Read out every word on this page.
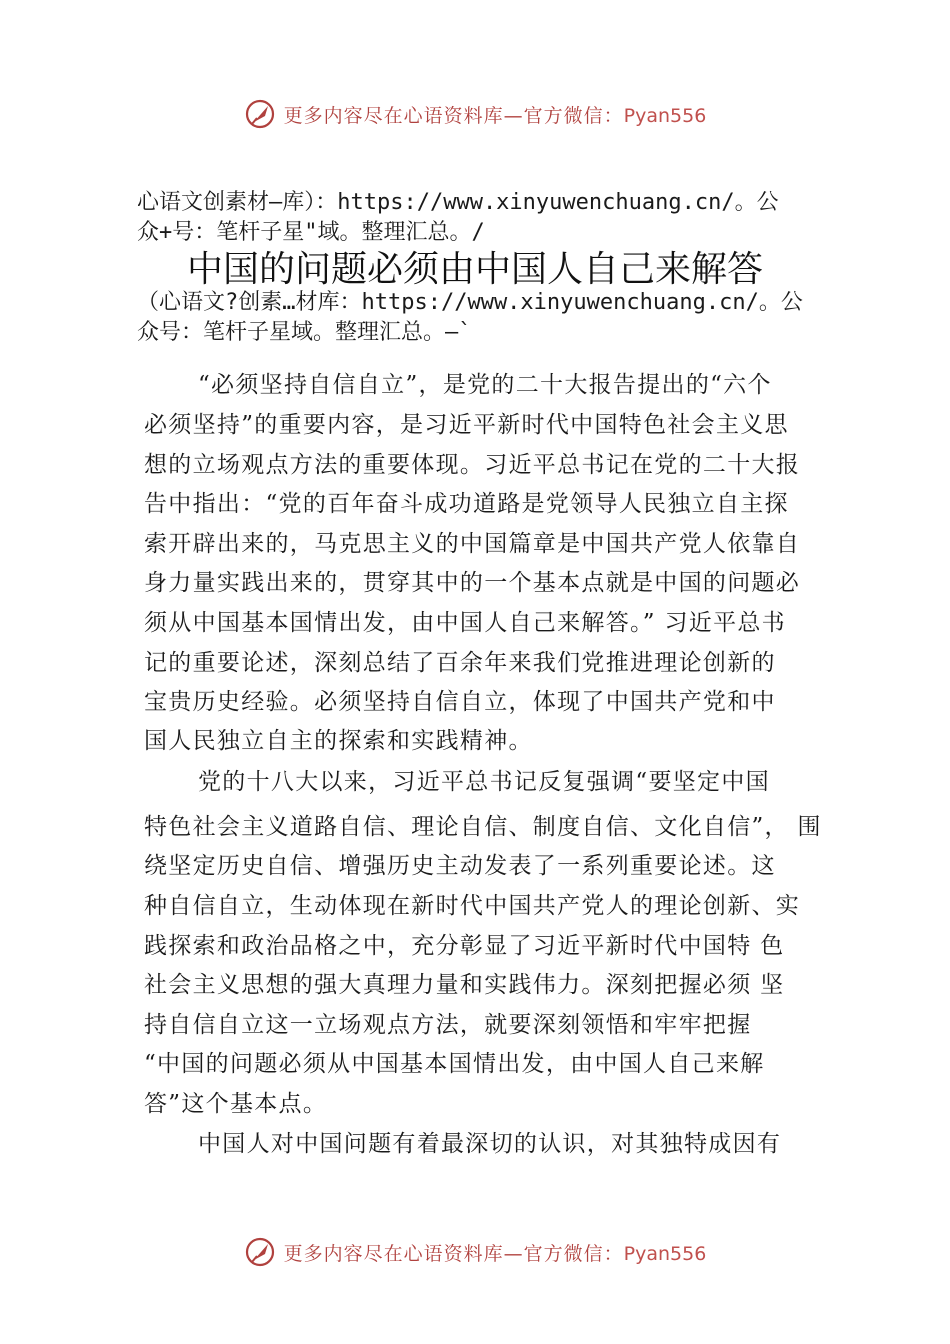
更多内容尽在心语资料库—官方微信：Pyan556
心语文创素材—库）：https://www.xinyuwenchuang.cn/。公
众+号：笔杆子星"域。整理汇总。/
中国的问题必须由中国人自己来解答
（心语文?创素…材库：https://www.xinyuwenchuang.cn/。公
众号：笔杆子星域。整理汇总。—`
“必须坚持自信自立”，是党的二十大报告提出的“六个
必须坚持”的重要内容，是习近平新时代中国特色社会主义思
想的立场观点方法的重要体现。习近平总书记在党的二十大报
告中指出：“党的百年奋斗成功道路是党领导人民独立自主探
索开辟出来的，马克思主义的中国篇章是中国共产党人依靠自
身力量实践出来的，贯穿其中的一个基本点就是中国的问题必
须从中国基本国情出发，由中国人自己来解答。” 习近平总书
记的重要论述，深刻总结了百余年来我们党推进理论创新的
宝贵历史经验。必须坚持自信自立，体现了中国共产党和中
国人民独立自主的探索和实践精神。
党的十八大以来，习近平总书记反复强调“要坚定中国
特色社会主义道路自信、理论自信、制度自信、文化自信”， 围
绕坚定历史自信、增强历史主动发表了一系列重要论述。这
种自信自立，生动体现在新时代中国共产党人的理论创新、实
践探索和政治品格之中，充分彰显了习近平新时代中国特 色
社会主义思想的强大真理力量和实践伟力。深刻把握必须 坚
持自信自立这一立场观点方法，就要深刻领悟和牢牢把握
“中国的问题必须从中国基本国情出发，由中国人自己来解
答”这个基本点。
中国人对中国问题有着最深切的认识，对其独特成因有
更多内容尽在心语资料库—官方微信：Pyan556
